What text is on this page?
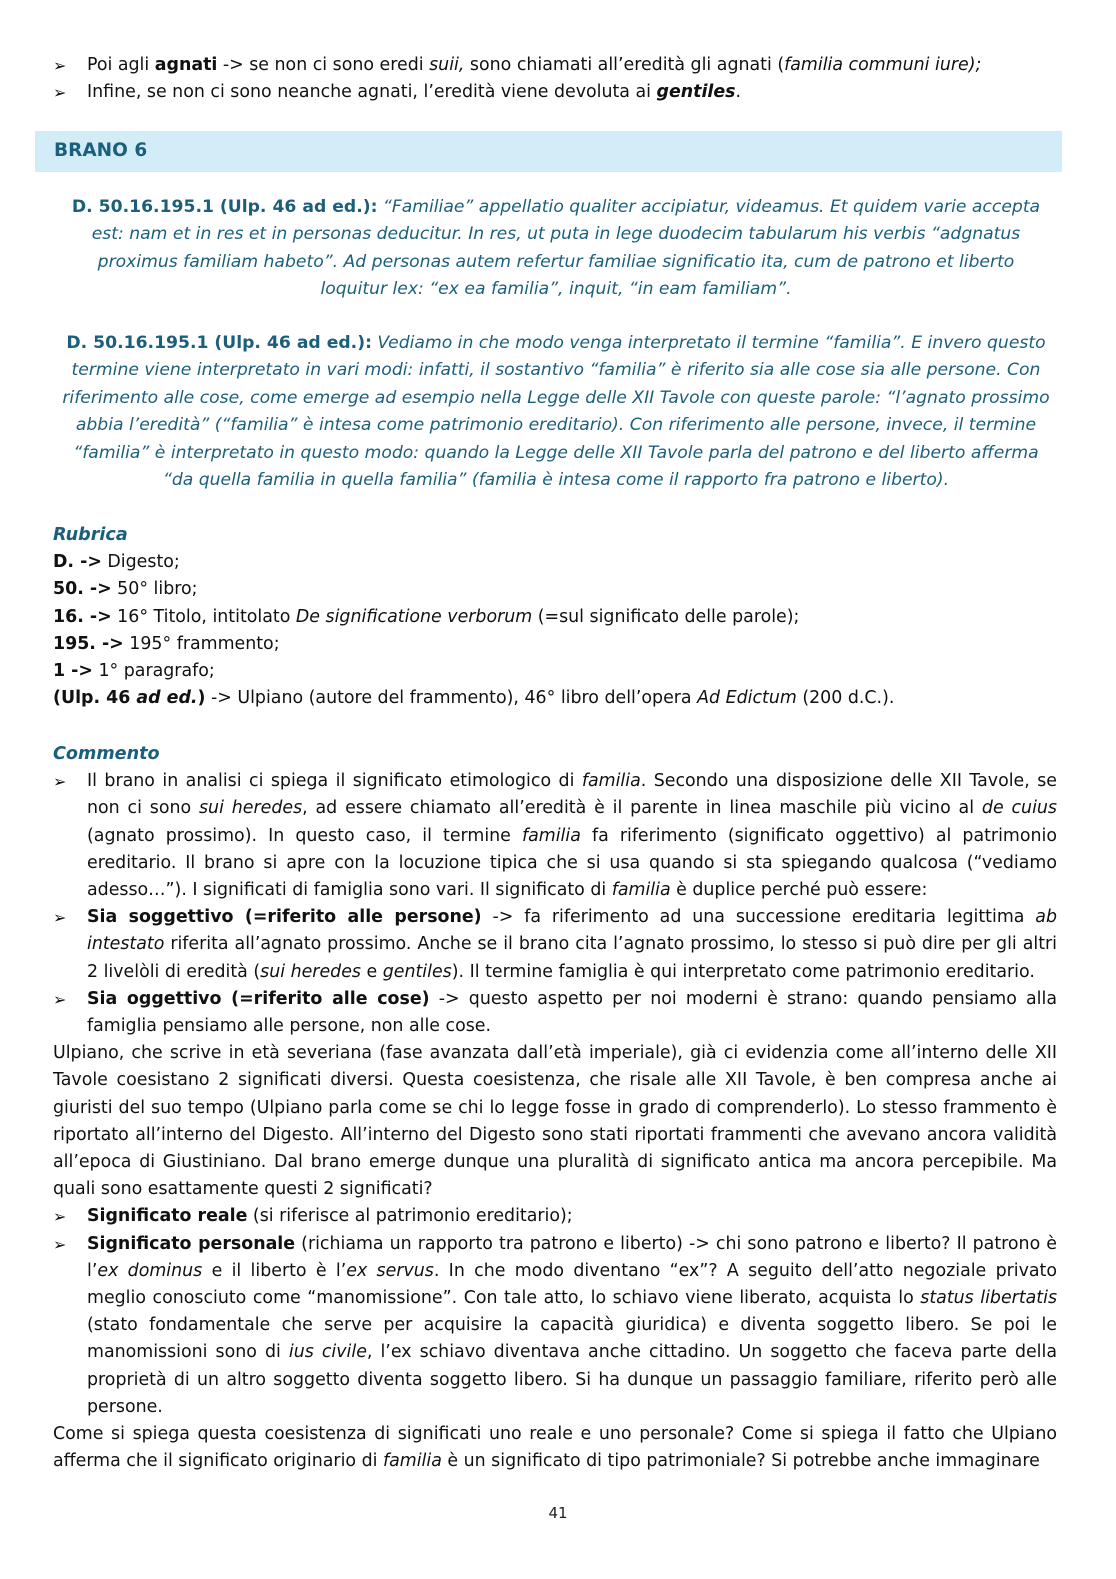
BRANO 6

➢ Poi agli agnati -> se non ci sono eredi suii, sono chiamati all’eredità gli agnati (familia communi iure);

➢ Infine, se non ci sono neanche agnati, l’eredità viene devoluta ai gentiles.

D. 50.16.195.1 (Ulp. 46 ad ed.): “Familiae” appellatio qualiter accipiatur, videamus. Et quidem varie accepta est: nam et in res et in personas deducitur. In res, ut puta in lege duodecim tabularum his verbis “adgnatus proximus familiam habeto”. Ad personas autem refertur familiae significatio ita, cum de patrono et liberto loquitur lex: “ex ea familia”, inquit, “in eam familiam”.

D. 50.16.195.1 (Ulp. 46 ad ed.): Vediamo in che modo venga interpretato il termine “familia”. E invero questo termine viene interpretato in vari modi: infatti, il sostantivo “familia” è riferito sia alle cose sia alle persone. Con riferimento alle cose, come emerge ad esempio nella Legge delle XII Tavole con queste parole: “l’agnato prossimo abbia l’eredità” (“familia” è intesa come patrimonio ereditario). Con riferimento alle persone, invece, il termine “familia” è interpretato in questo modo: quando la Legge delle XII Tavole parla del patrono e del liberto afferma “da quella familia in quella familia” (familia è intesa come il rapporto fra patrono e liberto).

Rubrica

D. -> Digesto;

50. -> 50° libro;

16. -> 16° Titolo, intitolato De significatione verborum (=sul significato delle parole);

195. -> 195° frammento;

1 -> 1° paragrafo;

(Ulp. 46 ad ed.) -> Ulpiano (autore del frammento), 46° libro dell’opera Ad Edictum (200 d.C.).

Commento

➢ Il brano in analisi ci spiega il significato etimologico di familia. Secondo una disposizione delle XII Tavole, se non ci sono sui heredes, ad essere chiamato all’eredità è il parente in linea maschile più vicino al de cuius (agnato prossimo). In questo caso, il termine familia fa riferimento (significato oggettivo) al patrimonio ereditario. Il brano si apre con la locuzione tipica che si usa quando si sta spiegando qualcosa (“vediamo adesso…”). I significati di famiglia sono vari. Il significato di familia è duplice perché può essere:

➢ Sia soggettivo (=riferito alle persone) -> fa riferimento ad una successione ereditaria legittima ab intestato riferita all’agnato prossimo. Anche se il brano cita l’agnato prossimo, lo stesso si può dire per gli altri 2 livelòli di eredità (sui heredes e gentiles). Il termine famiglia è qui interpretato come patrimonio ereditario.

➢ Sia oggettivo (=riferito alle cose) -> questo aspetto per noi moderni è strano: quando pensiamo alla famiglia pensiamo alle persone, non alle cose.

Ulpiano, che scrive in età severiana (fase avanzata dall’età imperiale), già ci evidenzia come all’interno delle XII Tavole coesistano 2 significati diversi. Questa coesistenza, che risale alle XII Tavole, è ben compresa anche ai giuristi del suo tempo (Ulpiano parla come se chi lo legge fosse in grado di comprenderlo). Lo stesso frammento è riportato all’interno del Digesto. All’interno del Digesto sono stati riportati frammenti che avevano ancora validità all’epoca di Giustiniano. Dal brano emerge dunque una pluralità di significato antica ma ancora percepibile. Ma quali sono esattamente questi 2 significati?

➢ Significato reale (si riferisce al patrimonio ereditario);

➢ Significato personale (richiama un rapporto tra patrono e liberto) -> chi sono patrono e liberto? Il patrono è l’ex dominus e il liberto è l’ex servus. In che modo diventano “ex”? A seguito dell’atto negoziale privato meglio conosciuto come “manomissione”. Con tale atto, lo schiavo viene liberato, acquista lo status libertatis (stato fondamentale che serve per acquisire la capacità giuridica) e diventa soggetto libero. Se poi le manomissioni sono di ius civile, l’ex schiavo diventava anche cittadino. Un soggetto che faceva parte della proprietà di un altro soggetto diventa soggetto libero. Si ha dunque un passaggio familiare, riferito però alle persone.

Come si spiega questa coesistenza di significati uno reale e uno personale? Come si spiega il fatto che Ulpiano afferma che il significato originario di familia è un significato di tipo patrimoniale? Si potrebbe anche immaginare

41
